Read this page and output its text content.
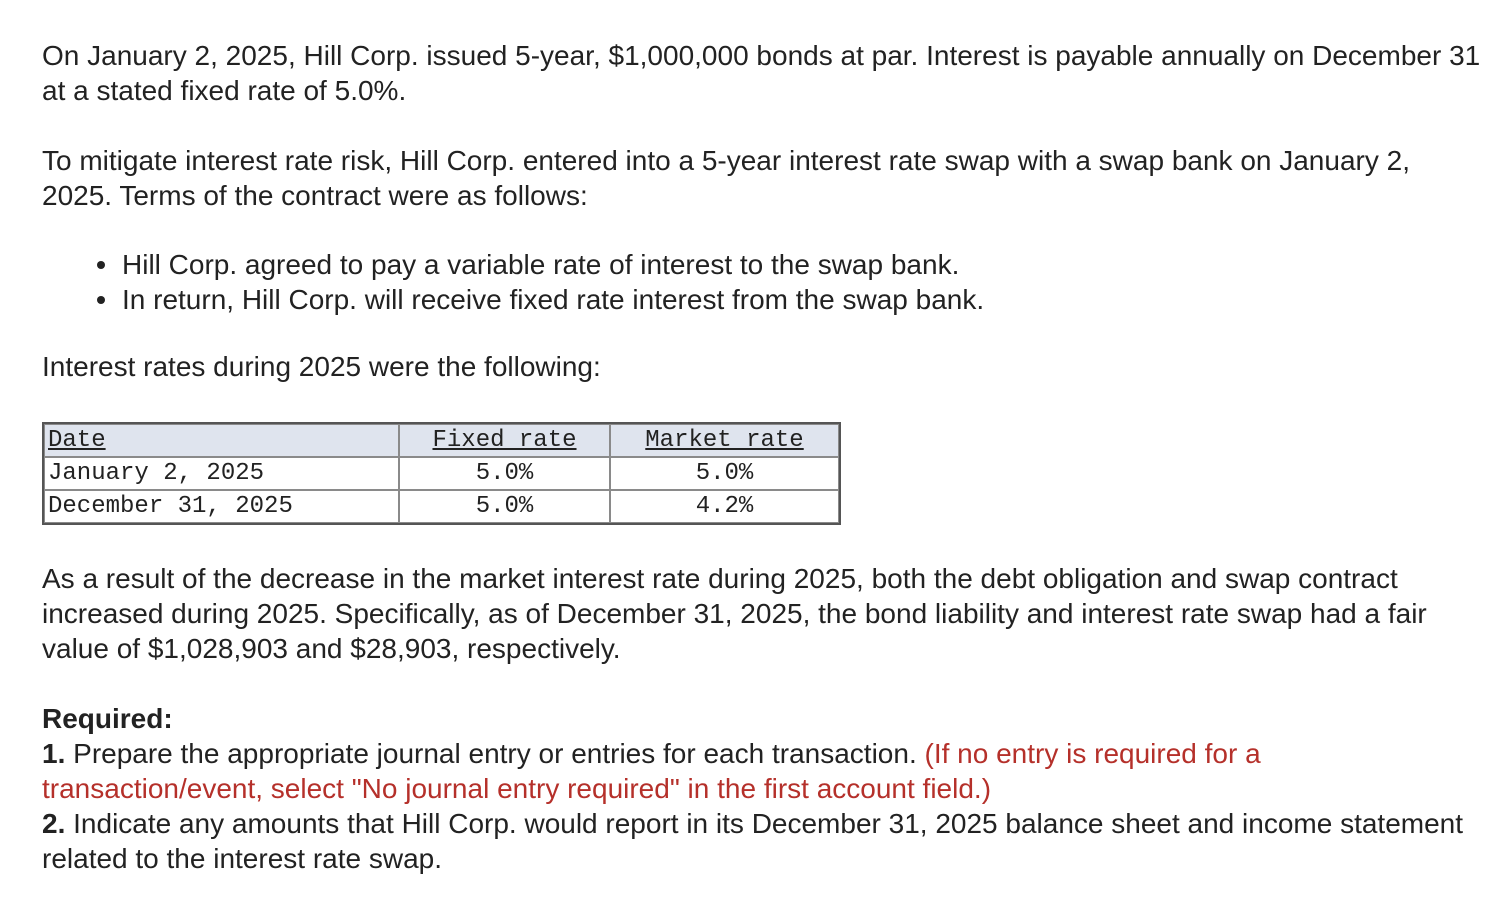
On January 2, 2025, Hill Corp. issued 5-year, $1,000,000 bonds at par. Interest is payable annually on December 31 at a stated fixed rate of 5.0%.

To mitigate interest rate risk, Hill Corp. entered into a 5-year interest rate swap with a swap bank on January 2, 2025. Terms of the contract were as follows:

Hill Corp. agreed to pay a variable rate of interest to the swap bank.
In return, Hill Corp. will receive fixed rate interest from the swap bank.

Interest rates during 2025 were the following:

Date	Fixed rate	Market rate
January 2, 2025	5.0%	5.0%
December 31, 2025	5.0%	4.2%

As a result of the decrease in the market interest rate during 2025, both the debt obligation and swap contract increased during 2025. Specifically, as of December 31, 2025, the bond liability and interest rate swap had a fair value of $1,028,903 and $28,903, respectively.

Required:
1. Prepare the appropriate journal entry or entries for each transaction. (If no entry is required for a transaction/event, select "No journal entry required" in the first account field.)
2. Indicate any amounts that Hill Corp. would report in its December 31, 2025 balance sheet and income statement related to the interest rate swap.
